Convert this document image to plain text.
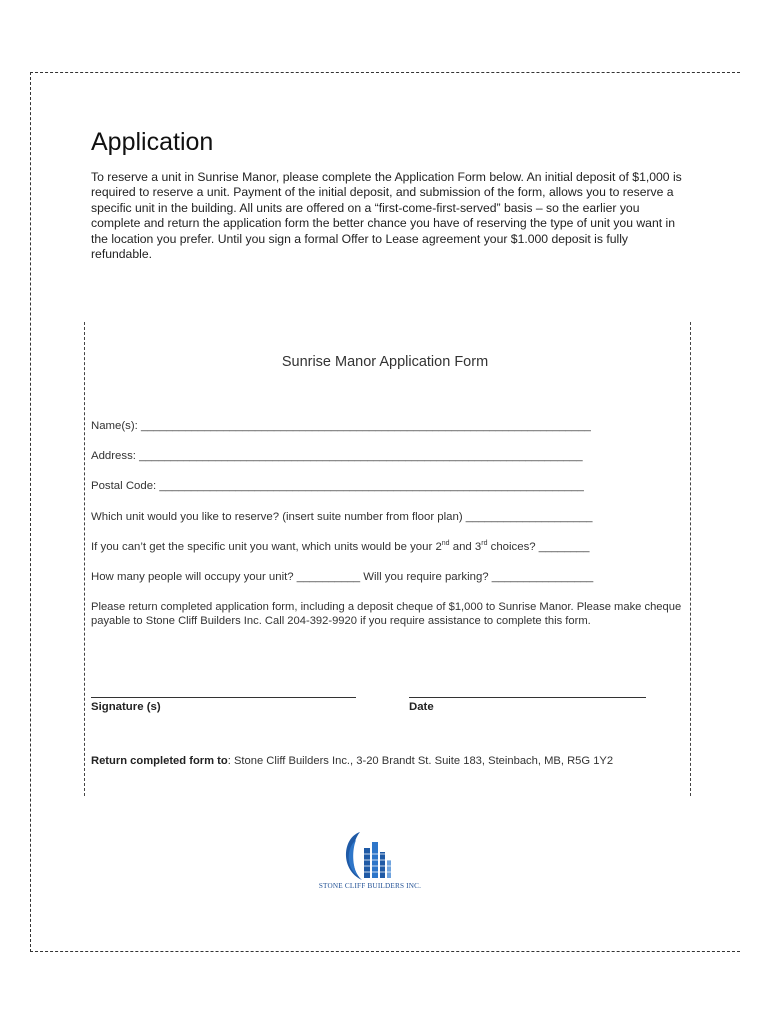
Application

To reserve a unit in Sunrise Manor, please complete the Application Form below. An initial deposit of $1,000 is required to reserve a unit. Payment of the initial deposit, and submission of the form, allows you to reserve a specific unit in the building. All units are offered on a “first-come-first-served” basis – so the earlier you complete and return the application form the better chance you have of reserving the type of unit you want in the location you prefer. Until you sign a formal Offer to Lease agreement your $1.000 deposit is fully refundable.

Sunrise Manor Application Form
Name(s): _______________________________________________________________________
Address: ______________________________________________________________________
Postal Code: ___________________________________________________________________
Which unit would you like to reserve? (insert suite number from floor plan) ____________________
If you can’t get the specific unit you want, which units would be your 2nd and 3rd choices? ________
How many people will occupy your unit? __________ Will you require parking? ________________

Please return completed application form, including a deposit cheque of $1,000 to Sunrise Manor. Please make cheque payable to Stone Cliff Builders Inc. Call 204-392-9920 if you require assistance to complete this form.

Signature (s)	Date
Return completed form to: Stone Cliff Builders Inc., 3-20 Brandt St. Suite 183, Steinbach, MB, R5G 1Y2
STONE CLIFF BUILDERS INC.
